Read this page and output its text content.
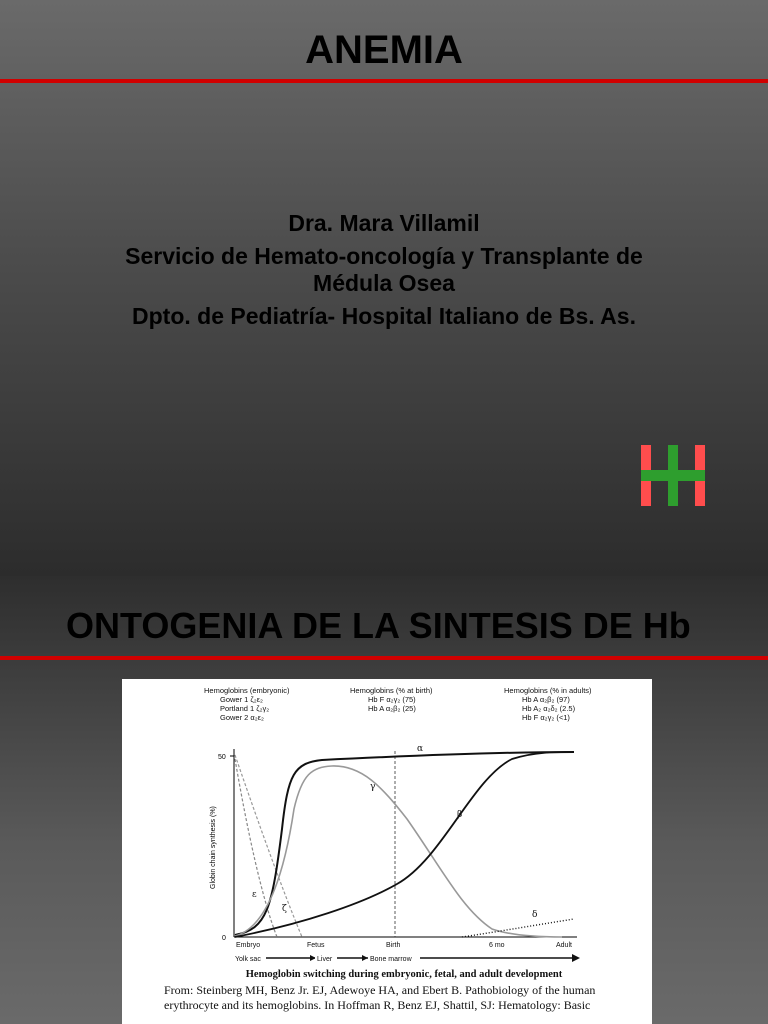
ANEMIA
Dra. Mara Villamil
Servicio de Hemato-oncología y Transplante de
Médula Osea
Dpto. de Pediatría- Hospital Italiano de Bs. As.
ONTOGENIA DE LA SINTESIS DE Hb
Hemoglobins (embryonic)
Gower 1 ζ₂ε₂
Portland 1 ζ₂γ₂
Gower 2 α₂ε₂
Hemoglobins (% at birth)
Hb F α₂γ₂ (75)
Hb A α₂β₂ (25)
Hemoglobins (% in adults)
Hb A α₂β₂ (97)
Hb A₂ α₂δ₂ (2.5)
Hb F α₂γ₂ (<1)
50
0
Globin chain synthesis (%)
α
γ
β
ε
ζ
δ
Embryo	Fetus	Birth	6 mo	Adult
Yolk sac	Liver	Bone marrow
Hemoglobin switching during embryonic, fetal, and adult development
From: Steinberg MH, Benz Jr. EJ, Adewoye HA, and Ebert B. Pathobiology of the human erythrocyte and its hemoglobins. In Hoffman R, Benz EJ, Shattil, SJ: Hematology: Basic
